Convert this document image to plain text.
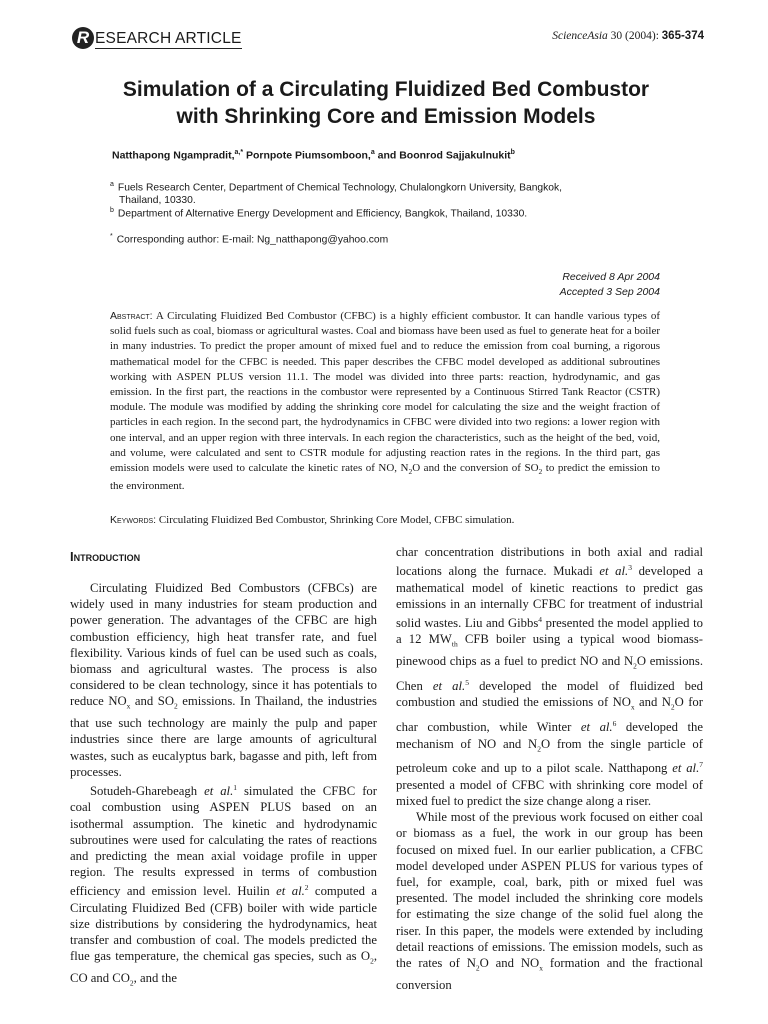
R ESEARCH ARTICLE	ScienceAsia 30 (2004): 365-374
Simulation of a Circulating Fluidized Bed Combustor
with Shrinking Core and Emission Models
Natthapong Ngampradit,$^{a,*}$ Pornpote Piumsomboon,$^a$ and Boonrod Sajjakulnukit$^b$
$^a$ Fuels Research Center, Department of Chemical Technology, Chulalongkorn University, Bangkok,
Thailand, 10330.
$^b$ Department of Alternative Energy Development and Efficiency, Bangkok, Thailand, 10330.
* Corresponding author: E-mail: Ng_natthapong@yahoo.com
Received 8 Apr 2004
Accepted 3 Sep 2004
Abstract: A Circulating Fluidized Bed Combustor (CFBC) is a highly efficient combustor. It can handle various types of solid fuels such as coal, biomass or agricultural wastes. Coal and biomass have been used as fuel to generate heat for a boiler in many industries. To predict the proper amount of mixed fuel and to reduce the emission from coal burning, a rigorous mathematical model for the CFBC is needed. This paper describes the CFBC model developed as additional subroutines working with ASPEN PLUS version 11.1. The model was divided into three parts: reaction, hydrodynamic, and gas emission. In the first part, the reactions in the combustor were represented by a Continuous Stirred Tank Reactor (CSTR) module. The module was modified by adding the shrinking core model for calculating the size and the weight fraction of particles in each region. In the second part, the hydrodynamics in CFBC were divided into two regions: a lower region with one interval, and an upper region with three intervals. In each region the characteristics, such as the height of the bed, void, and volume, were calculated and sent to CSTR module for adjusting reaction rates in the regions. In the third part, gas emission models were used to calculate the kinetic rates of NO, $N_2O$ and the conversion of $SO_2$ to predict the emission to the environment.
Keywords: Circulating Fluidized Bed Combustor, Shrinking Core Model, CFBC simulation.
Introduction

Circulating Fluidized Bed Combustors (CFBCs) are widely used in many industries for steam production and power generation. The advantages of the CFBC are high combustion efficiency, high heat transfer rate, and fuel flexibility. Various kinds of fuel can be used such as coals, biomass and agricultural wastes. The process is also considered to be clean technology, since it has potentials to reduce $NO_x$ and $SO_2$ emissions. In Thailand, the industries that use such technology are mainly the pulp and paper industries since there are large amounts of agricultural wastes, such as eucalyptus bark, bagasse and pith, left from processes.

Sotudeh-Gharebeagh et al.$^1$ simulated the CFBC for coal combustion using ASPEN PLUS based on an isothermal assumption. The kinetic and hydrodynamic subroutines were used for calculating the rates of reactions and predicting the mean axial voidage profile in upper region. The results expressed in terms of combustion efficiency and emission level. Huilin et al.$^2$ computed a Circulating Fluidized Bed (CFB) boiler with wide particle size distributions by considering the hydrodynamics, heat transfer and combustion of coal. The models predicted the flue gas temperature, the chemical gas species, such as $O_2$, CO and $CO_2$, and the

char concentration distributions in both axial and radial locations along the furnace. Mukadi et al.$^3$ developed a mathematical model of kinetic reactions to predict gas emissions in an internally CFBC for treatment of industrial solid wastes. Liu and Gibbs$^4$ presented the model applied to a 12 $MW_{th}$ CFB boiler using a typical wood biomass-pinewood chips as a fuel to predict NO and $N_2O$ emissions. Chen et al.$^5$ developed the model of fluidized bed combustion and studied the emissions of $NO_x$ and $N_2O$ for char combustion, while Winter et al.$^6$ developed the mechanism of NO and $N_2O$ from the single particle of petroleum coke and up to a pilot scale. Natthapong et al.$^7$ presented a model of CFBC with shrinking core model of mixed fuel to predict the size change along a riser.

While most of the previous work focused on either coal or biomass as a fuel, the work in our group has been focused on mixed fuel. In our earlier publication, a CFBC model developed under ASPEN PLUS for various types of fuel, for example, coal, bark, pith or mixed fuel was presented. The model included the shrinking core models for estimating the size change of the solid fuel along the riser. In this paper, the models were extended by including detail reactions of emissions. The emission models, such as the rates of $N_2O$ and $NO_x$ formation and the fractional conversion
